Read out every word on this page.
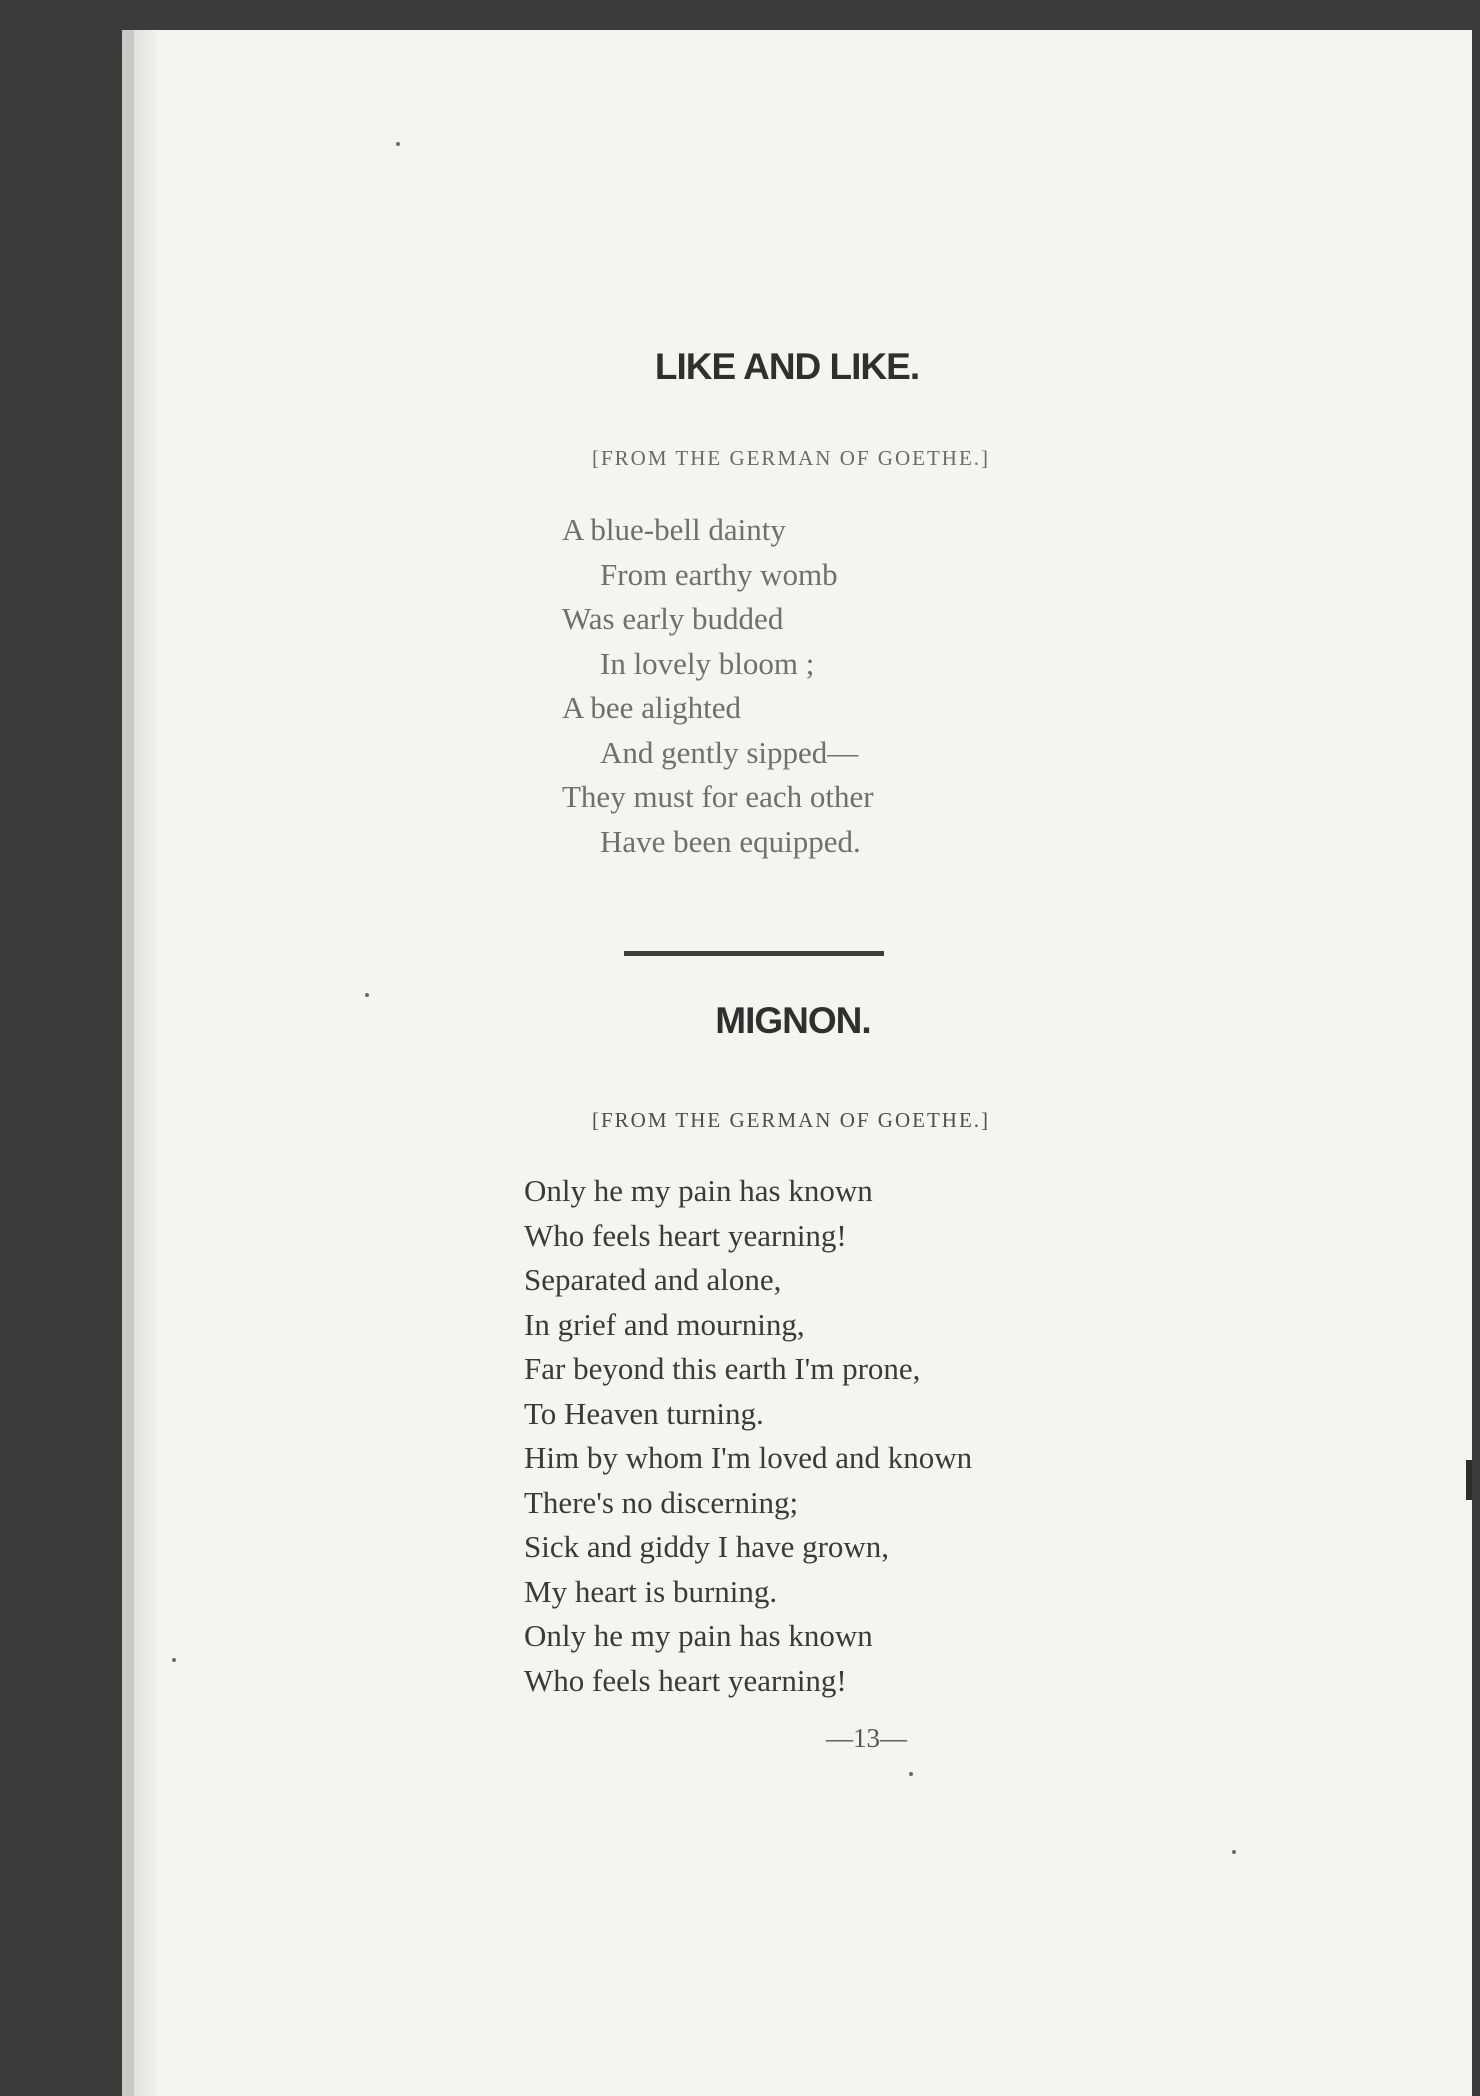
LIKE AND LIKE.
[FROM THE GERMAN OF GOETHE.]
A blue-bell dainty
From earthy womb
Was early budded
In lovely bloom ;
A bee alighted
And gently sipped—
They must for each other
Have been equipped.
MIGNON.
[FROM THE GERMAN OF GOETHE.]
Only he my pain has known
Who feels heart yearning!
Separated and alone,
In grief and mourning,
Far beyond this earth I'm prone,
To Heaven turning.
Him by whom I'm loved and known
There's no discerning;
Sick and giddy I have grown,
My heart is burning.
Only he my pain has known
Who feels heart yearning!
—13—
